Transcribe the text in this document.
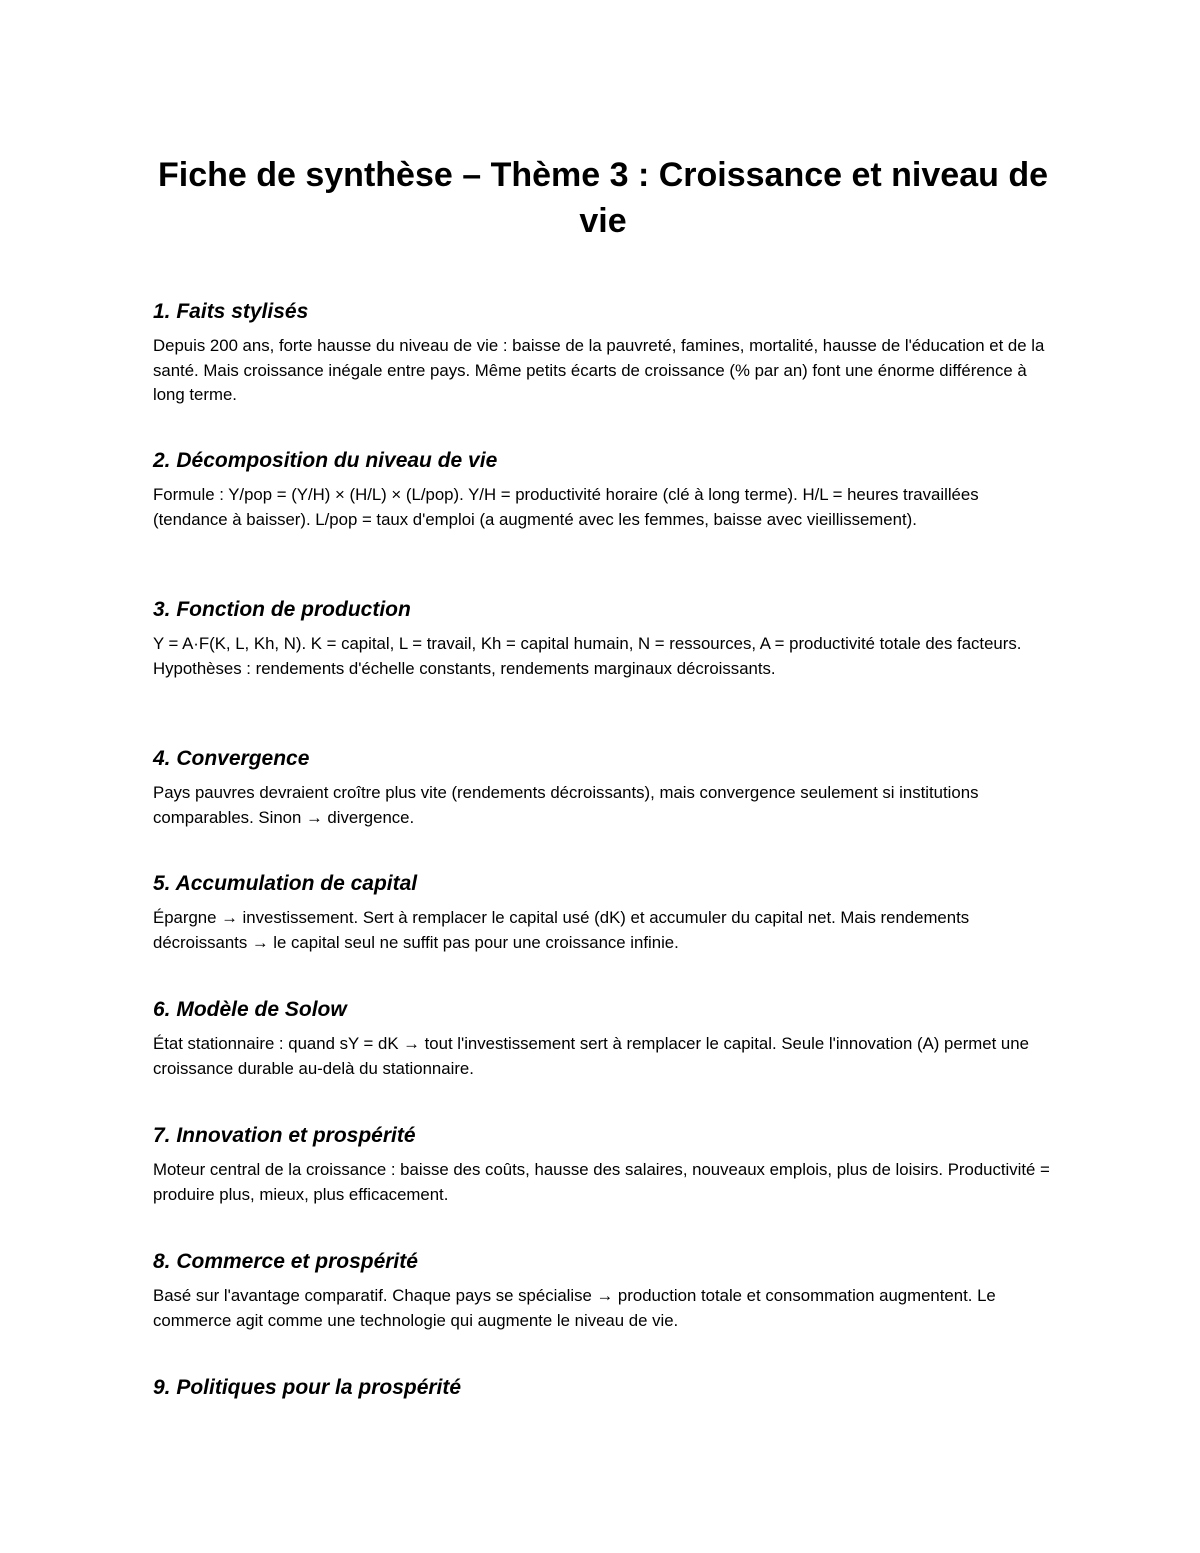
Fiche de synthèse – Thème 3 : Croissance et niveau de vie
1. Faits stylisés

Depuis 200 ans, forte hausse du niveau de vie : baisse de la pauvreté, famines, mortalité, hausse de l'éducation et de la santé. Mais croissance inégale entre pays. Même petits écarts de croissance (% par an) font une énorme différence à long terme.

2. Décomposition du niveau de vie

Formule : Y/pop = (Y/H) × (H/L) × (L/pop). Y/H = productivité horaire (clé à long terme). H/L = heures travaillées (tendance à baisser). L/pop = taux d'emploi (a augmenté avec les femmes, baisse avec vieillissement).

3. Fonction de production

Y = A·F(K, L, Kh, N). K = capital, L = travail, Kh = capital humain, N = ressources, A = productivité totale des facteurs. Hypothèses : rendements d'échelle constants, rendements marginaux décroissants.

4. Convergence

Pays pauvres devraient croître plus vite (rendements décroissants), mais convergence seulement si institutions comparables. Sinon → divergence.

5. Accumulation de capital

Épargne → investissement. Sert à remplacer le capital usé (dK) et accumuler du capital net. Mais rendements décroissants → le capital seul ne suffit pas pour une croissance infinie.

6. Modèle de Solow

État stationnaire : quand sY = dK → tout l'investissement sert à remplacer le capital. Seule l'innovation (A) permet une croissance durable au-delà du stationnaire.

7. Innovation et prospérité

Moteur central de la croissance : baisse des coûts, hausse des salaires, nouveaux emplois, plus de loisirs. Productivité = produire plus, mieux, plus efficacement.

8. Commerce et prospérité

Basé sur l'avantage comparatif. Chaque pays se spécialise → production totale et consommation augmentent. Le commerce agit comme une technologie qui augmente le niveau de vie.

9. Politiques pour la prospérité
